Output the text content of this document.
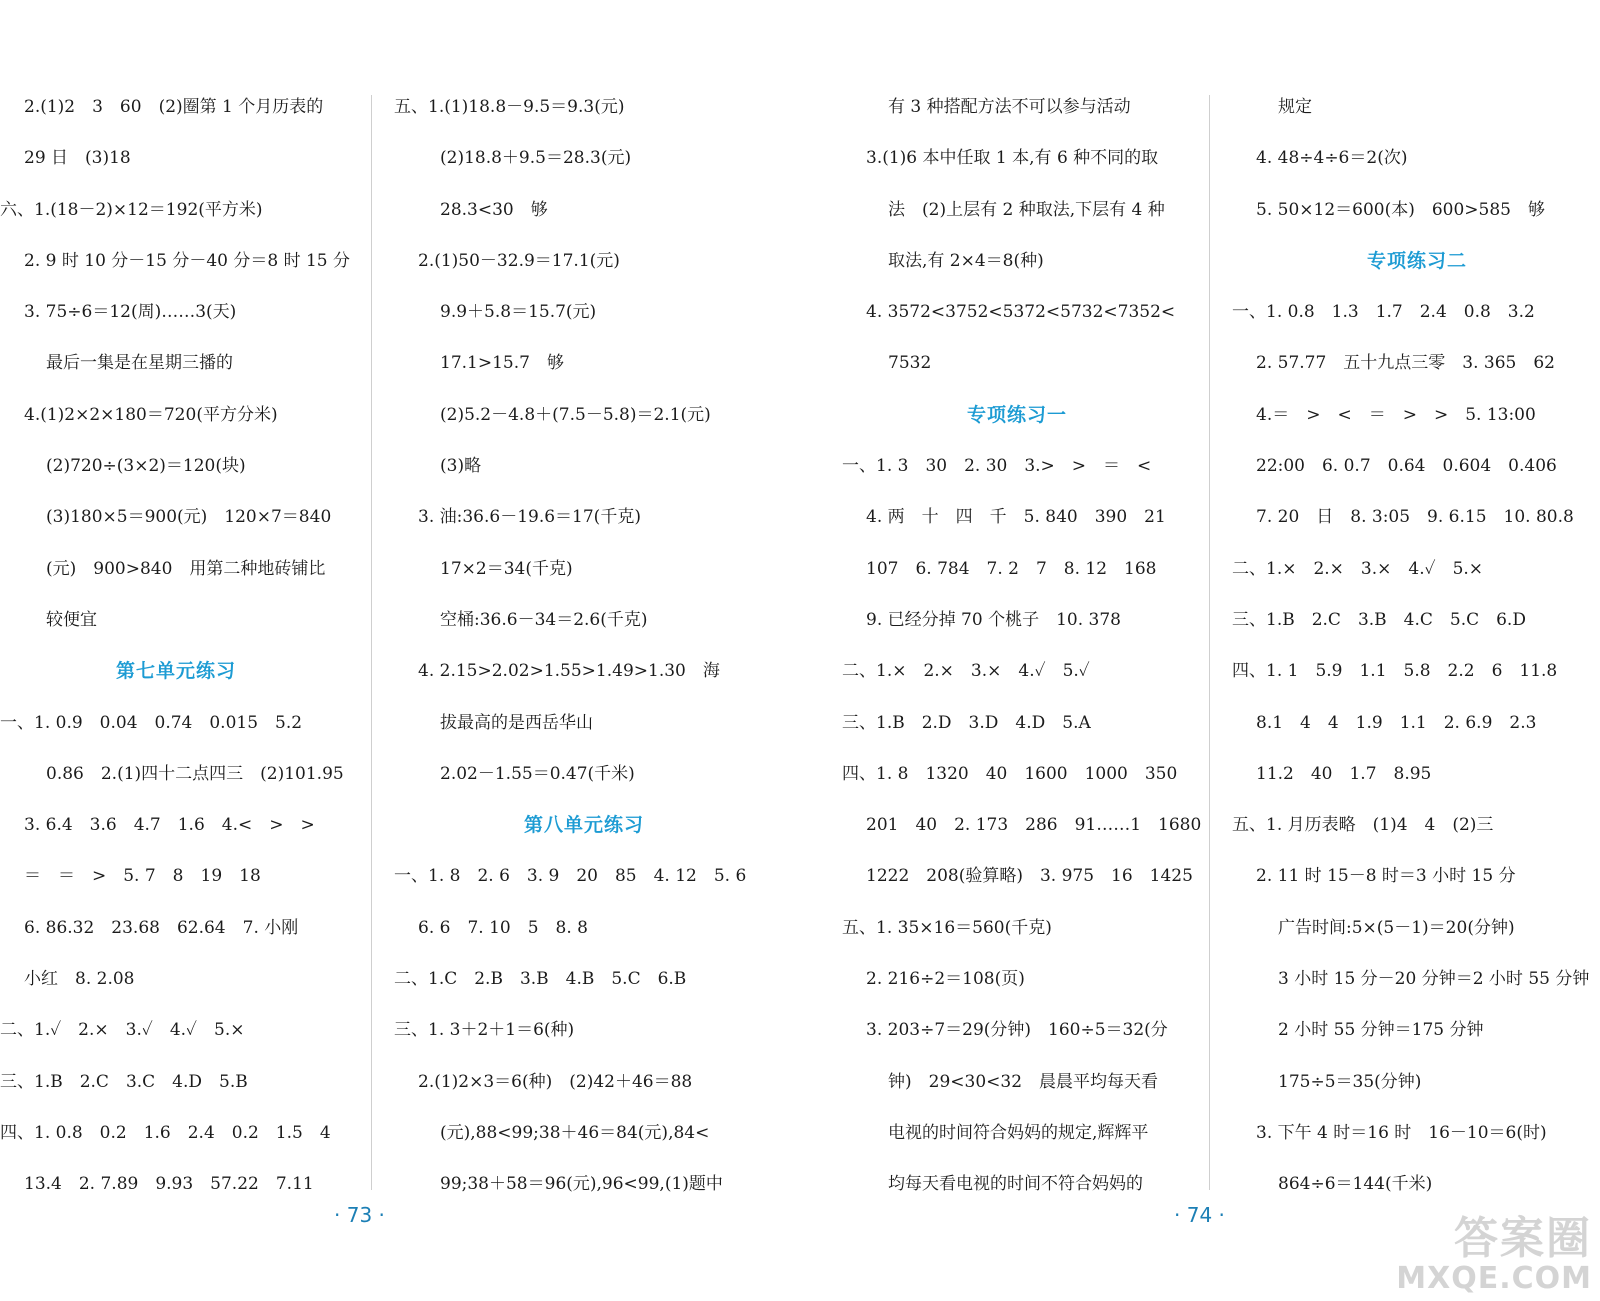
2.(1)2　3　60　(2)圈第 1 个月历表的
29 日　(3)18
六、1.(18－2)×12＝192(平方米)
2. 9 时 10 分－15 分－40 分＝8 时 15 分
3. 75÷6＝12(周)……3(天)
最后一集是在星期三播的
4.(1)2×2×180＝720(平方分米)
(2)720÷(3×2)＝120(块)
(3)180×5＝900(元)　120×7＝840
(元)　900>840　用第二种地砖铺比
较便宜
第七单元练习
一、1. 0.9　0.04　0.74　0.015　5.2
0.86　2.(1)四十二点四三　(2)101.95
3. 6.4　3.6　4.7　1.6　4.<　>　>
＝　＝　>　5. 7　8　19　18
6. 86.32　23.68　62.64　7. 小刚
小红　8. 2.08
二、1.✓　2.×　3.✓　4.✓　5.×
三、1.B　2.C　3.C　4.D　5.B
四、1. 0.8　0.2　1.6　2.4　0.2　1.5　4
13.4　2. 7.89　9.93　57.22　7.11
五、1.(1)18.8－9.5＝9.3(元)
(2)18.8＋9.5＝28.3(元)
28.3<30　够
2.(1)50－32.9＝17.1(元)
9.9＋5.8＝15.7(元)
17.1>15.7　够
(2)5.2－4.8＋(7.5－5.8)＝2.1(元)
(3)略
3. 油:36.6－19.6＝17(千克)
17×2＝34(千克)
空桶:36.6－34＝2.6(千克)
4. 2.15>2.02>1.55>1.49>1.30　海
拔最高的是西岳华山
2.02－1.55＝0.47(千米)
第八单元练习
一、1. 8　2. 6　3. 9　20　85　4. 12　5. 6
6. 6　7. 10　5　8. 8
二、1.C　2.B　3.B　4.B　5.C　6.B
三、1. 3＋2＋1＝6(种)
2.(1)2×3＝6(种)　(2)42＋46＝88
(元),88<99;38＋46＝84(元),84<
99;38＋58＝96(元),96<99,(1)题中
· 73 ·
有 3 种搭配方法不可以参与活动
3.(1)6 本中任取 1 本,有 6 种不同的取
法　(2)上层有 2 种取法,下层有 4 种
取法,有 2×4＝8(种)
4. 3572<3752<5372<5732<7352<
7532
专项练习一
一、1. 3　30　2. 30　3.>　>　＝　<
4. 两　十　四　千　5. 840　390　21
107　6. 784　7. 2　7　8. 12　168
9. 已经分掉 70 个桃子　10. 378
二、1.×　2.×　3.×　4.✓　5.✓
三、1.B　2.D　3.D　4.D　5.A
四、1. 8　1320　40　1600　1000　350
201　40　2. 173　286　91……1　1680
1222　208(验算略)　3. 975　16　1425
五、1. 35×16＝560(千克)
2. 216÷2＝108(页)
3. 203÷7＝29(分钟)　160÷5＝32(分
钟)　29<30<32　晨晨平均每天看
电视的时间符合妈妈的规定,辉辉平
均每天看电视的时间不符合妈妈的
规定
4. 48÷4÷6＝2(次)
5. 50×12＝600(本)　600>585　够
专项练习二
一、1. 0.8　1.3　1.7　2.4　0.8　3.2
2. 57.77　五十九点三零　3. 365　62
4.＝　>　<　＝　>　>　5. 13:00
22:00　6. 0.7　0.64　0.604　0.406
7. 20　日　8. 3:05　9. 6.15　10. 80.8
二、1.×　2.×　3.×　4.✓　5.×
三、1.B　2.C　3.B　4.C　5.C　6.D
四、1. 1　5.9　1.1　5.8　2.2　6　11.8
8.1　4　4　1.9　1.1　2. 6.9　2.3
11.2　40　1.7　8.95
五、1. 月历表略　(1)4　4　(2)三
2. 11 时 15－8 时＝3 小时 15 分
广告时间:5×(5－1)＝20(分钟)
3 小时 15 分－20 分钟＝2 小时 55 分钟
2 小时 55 分钟＝175 分钟
175÷5＝35(分钟)
3. 下午 4 时＝16 时　16－10＝6(时)
864÷6＝144(千米)
· 74 ·	答案圈
MXQE.COM
